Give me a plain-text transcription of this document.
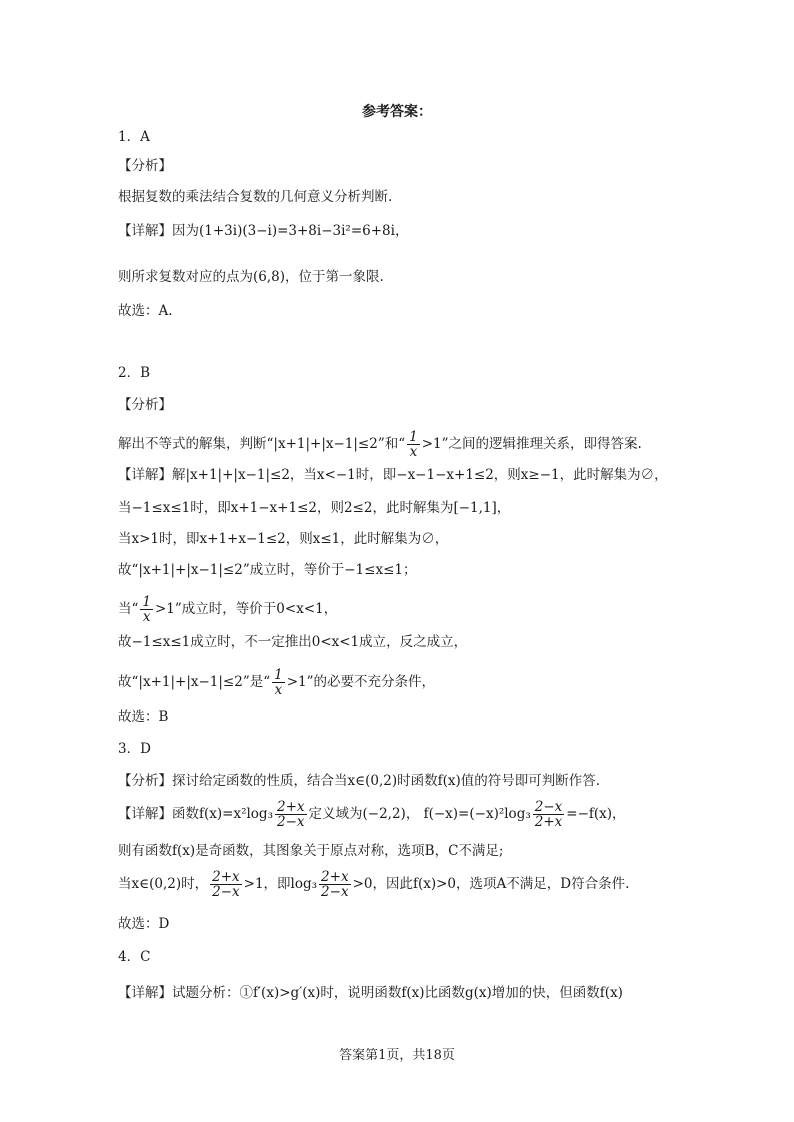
参考答案：
1．A
【分析】
根据复数的乘法结合复数的几何意义分析判断.
【详解】因为(1+3i)(3−i)=3+8i−3i²=6+8i，
则所求复数对应的点为(6,8)，位于第一象限.
故选：A.
2．B
【分析】
解出不等式的解集，判断“|x+1|+|x−1|≤2”和“ $\frac{1}{x} >1$”之间的逻辑推理关系，即得答案.
【详解】解|x+1|+|x−1|≤2，当x<−1时，即−x−1−x+1≤2，则x≥−1，此时解集为∅，
当−1≤x≤1时，即x+1−x+1≤2，则2≤2，此时解集为[−1,1]，
当x>1时，即x+1+x−1≤2，则x≤1，此时解集为∅，
故“|x+1|+|x−1|≤2”成立时，等价于−1≤x≤1；
当“ $\frac{1}{x} >1$”成立时，等价于0<x<1，
故−1≤x≤1成立时，不一定推出0<x<1成立，反之成立，
故“|x+1|+|x−1|≤2”是“ $\frac{1}{x} >1$”的必要不充分条件，
故选：B
3．D
【分析】探讨给定函数的性质，结合当x∈(0,2)时函数f(x)值的符号即可判断作答.
【详解】函数$f(x)=x^2\log_3 \frac{2+x}{2-x}$ 定义域为(−2,2)， $f(-x)=(-x)^2\log_3 \frac{2-x}{2+x} =-f(x)$，
则有函数f(x)是奇函数，其图象关于原点对称，选项B，C不满足;
当x∈(0,2)时， $\frac{2+x}{2-x} >1$，即$\log_3 \frac{2+x}{2-x} >0$，因此f(x)>0，选项A不满足，D符合条件.
故选：D
4．C
【详解】试题分析：①f′(x)>g′(x)时，说明函数f(x)比函数g(x)增加的快，但函数f(x)
答案第1页，共18页
